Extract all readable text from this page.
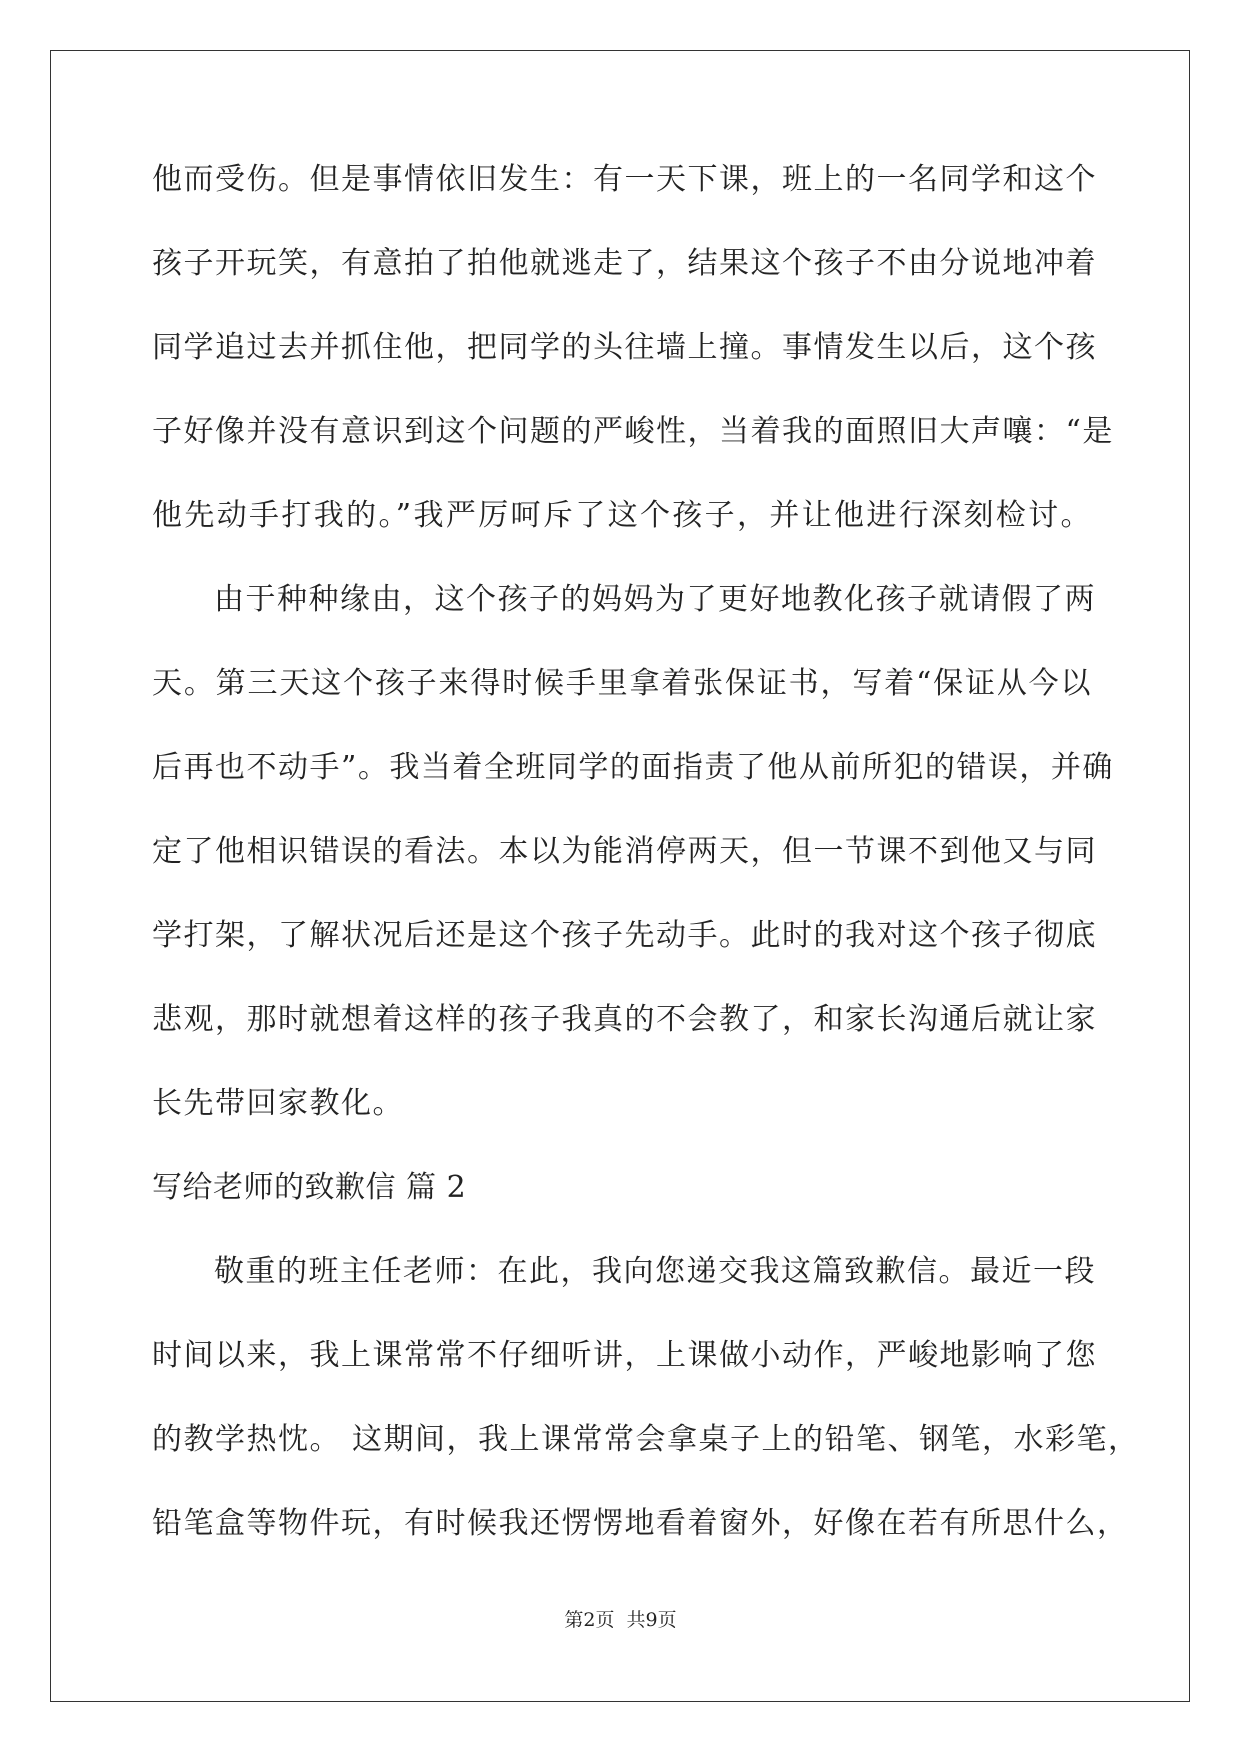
他而受伤。但是事情依旧发生：有一天下课，班上的一名同学和这个
孩子开玩笑，有意拍了拍他就逃走了，结果这个孩子不由分说地冲着
同学追过去并抓住他，把同学的头往墙上撞。事情发生以后，这个孩
子好像并没有意识到这个问题的严峻性，当着我的面照旧大声嚷：“是
他先动手打我的。”我严厉呵斥了这个孩子，并让他进行深刻检讨。
由于种种缘由，这个孩子的妈妈为了更好地教化孩子就请假了两
天。第三天这个孩子来得时候手里拿着张保证书，写着“保证从今以
后再也不动手”。我当着全班同学的面指责了他从前所犯的错误，并确
定了他相识错误的看法。本以为能消停两天，但一节课不到他又与同
学打架，了解状况后还是这个孩子先动手。此时的我对这个孩子彻底
悲观，那时就想着这样的孩子我真的不会教了，和家长沟通后就让家
长先带回家教化。
写给老师的致歉信 篇 2
敬重的班主任老师：在此，我向您递交我这篇致歉信。最近一段
时间以来，我上课常常不仔细听讲，上课做小动作，严峻地影响了您
的教学热忱。 这期间，我上课常常会拿桌子上的铅笔、钢笔，水彩笔，
铅笔盒等物件玩，有时候我还愣愣地看着窗外，好像在若有所思什么，
第2页  共9页
